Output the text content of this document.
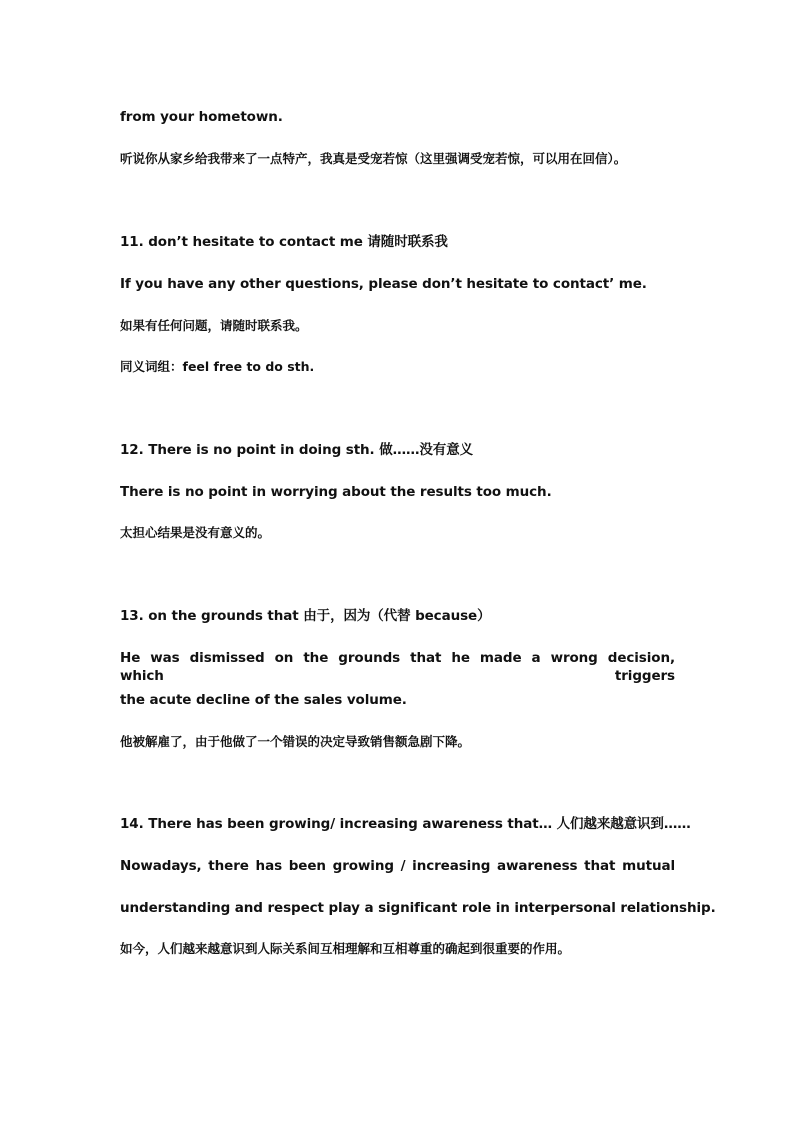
from your hometown.
听说你从家乡给我带来了一点特产，我真是受宠若惊（这里强调受宠若惊，可以用在回信）。
11. don’t hesitate to contact me 请随时联系我
If you have any other questions, please don’t hesitate to contact’ me.
如果有任何问题，请随时联系我。
同义词组：feel free to do sth.
12. There is no point in doing sth. 做……没有意义
There is no point in worrying about the results too much.
太担心结果是没有意义的。
13. on the grounds that 由于，因为（代替 because）
He was dismissed on the grounds that he made a wrong decision, which triggers
the acute decline of the sales volume.
他被解雇了，由于他做了一个错误的决定导致销售额急剧下降。
14. There has been growing/ increasing awareness that… 人们越来越意识到……
Nowadays, there has been growing / increasing awareness that mutual
understanding and respect play a significant role in interpersonal relationship.
如今，人们越来越意识到人际关系间互相理解和互相尊重的确起到很重要的作用。
